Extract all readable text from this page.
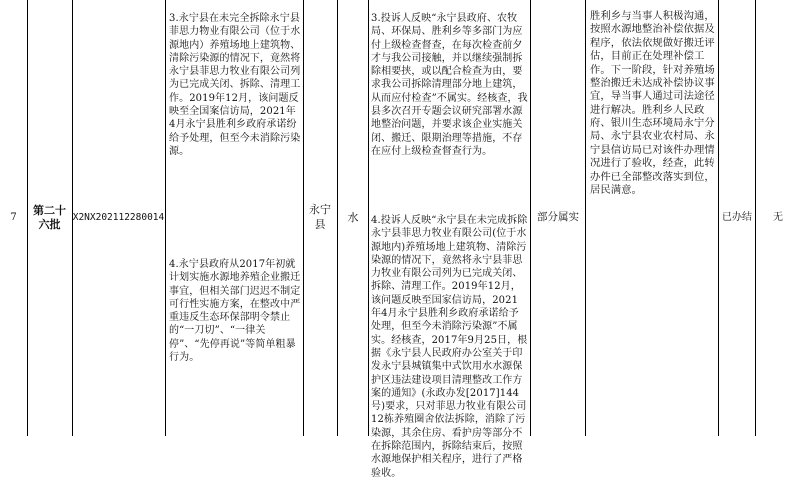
7
第二十六批
X2NX202112280014
3.永宁县在未完全拆除永宁县菲思力物业有限公司（位于水源地内）养殖场地上建筑物、清除污染源的情况下，竟然将永宁县菲思力牧业有限公司列为已完成关闭、拆除、清理工作。2019年12月，该问题反映至全国案信访局，2021年4月永宁县胜利乡政府承诺纷给予处理，但至今未消除污染源。
4.永宁县政府从2017年初就计划实施水源地养殖企业搬迁事宜，但相关部门迟迟不制定可行性实施方案，在整改中严重违反生态环保部明令禁止的“一刀切”、“一律关停”、“先停再说”等简单粗暴行为。
永宁县
水
3.投诉人反映“永宁县政府、农牧局、环保局、胜利乡等多部门为应付上级检查督查，在每次检查前夕才与我公司接触，并以继续强制拆除相要挟，或以配合检查为由，要求我公司拆除清理部分地上建筑，从而应付检查”不属实。经核查，我县多次召开专题会议研究部署水源地整治问题，并要求该企业实施关闭、搬迁、限期治理等措施，不存在应付上级检查督查行为。
4.投诉人反映“永宁县在未完成拆除永宁县菲思力牧业有限公司(位于水源地内)养殖场地上建筑物、清除污染源的情况下，竟然将永宁县菲思力牧业有限公司列为已完成关闭、拆除、清理工作。2019年12月，该问题反映至国家信访局，2021年4月永宁县胜利乡政府承诺给予处理，但至今未消除污染源”不属实。经核查，2017年9月25日，根据《永宁县人民政府办公室关于印发永宁县城镇集中式饮用水水源保护区违法建设项目清理整改工作方案的通知》(永政办发[2017]144号)要求，只对菲思力牧业有限公司12栋养殖圈舍依法拆除，消除了污染源，其余住房、看护房等部分不在拆除范围内，拆除结束后，按照水源地保护相关程序，进行了严格验收。
部分属实
胜利乡与当事人积极沟通，按照水源地整治补偿依据及程序，依法依规做好搬迁评估，目前正在处理补偿工作。下一阶段，针对养殖场整治搬迁未达成补偿协议事宜，导当事人通过司法途径进行解决。胜利乡人民政府、银川生态环境局永宁分局、永宁县农业农村局、永宁县信访局已对该件办理情况进行了验收，经查，此转办件已全部整改落实到位，居民满意。
已办结	无
